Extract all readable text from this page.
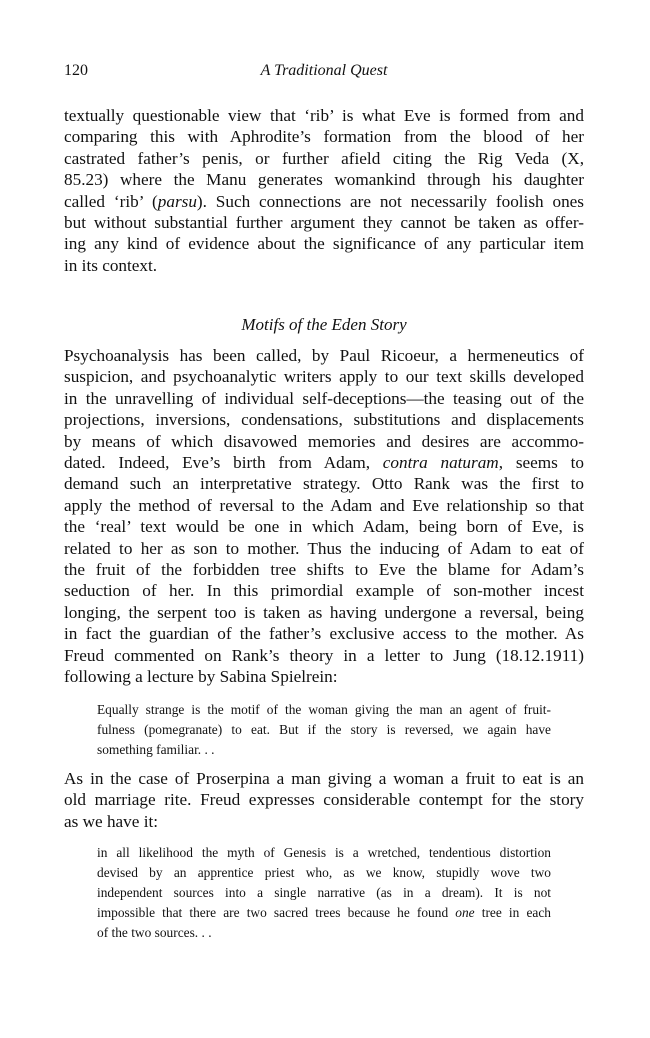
120	A Traditional Quest
textually questionable view that ‘rib’ is what Eve is formed from and
comparing this with Aphrodite’s formation from the blood of her
castrated father’s penis, or further afield citing the Rig Veda (X,
85.23) where the Manu generates womankind through his daughter
called ‘rib’ (parsu). Such connections are not necessarily foolish ones
but without substantial further argument they cannot be taken as offer-
ing any kind of evidence about the significance of any particular item
in its context.
Motifs of the Eden Story
Psychoanalysis has been called, by Paul Ricoeur, a hermeneutics of
suspicion, and psychoanalytic writers apply to our text skills developed
in the unravelling of individual self-deceptions—the teasing out of the
projections, inversions, condensations, substitutions and displacements
by means of which disavowed memories and desires are accommo-
dated. Indeed, Eve’s birth from Adam, contra naturam, seems to
demand such an interpretative strategy. Otto Rank was the first to
apply the method of reversal to the Adam and Eve relationship so that
the ‘real’ text would be one in which Adam, being born of Eve, is
related to her as son to mother. Thus the inducing of Adam to eat of
the fruit of the forbidden tree shifts to Eve the blame for Adam’s
seduction of her. In this primordial example of son-mother incest
longing, the serpent too is taken as having undergone a reversal, being
in fact the guardian of the father’s exclusive access to the mother. As
Freud commented on Rank’s theory in a letter to Jung (18.12.1911)
following a lecture by Sabina Spielrein:
Equally strange is the motif of the woman giving the man an agent of fruit-
fulness (pomegranate) to eat. But if the story is reversed, we again have
something familiar. . .
As in the case of Proserpina a man giving a woman a fruit to eat is an
old marriage rite. Freud expresses considerable contempt for the story
as we have it:
in all likelihood the myth of Genesis is a wretched, tendentious distortion
devised by an apprentice priest who, as we know, stupidly wove two
independent sources into a single narrative (as in a dream). It is not
impossible that there are two sacred trees because he found one tree in each
of the two sources. . .
